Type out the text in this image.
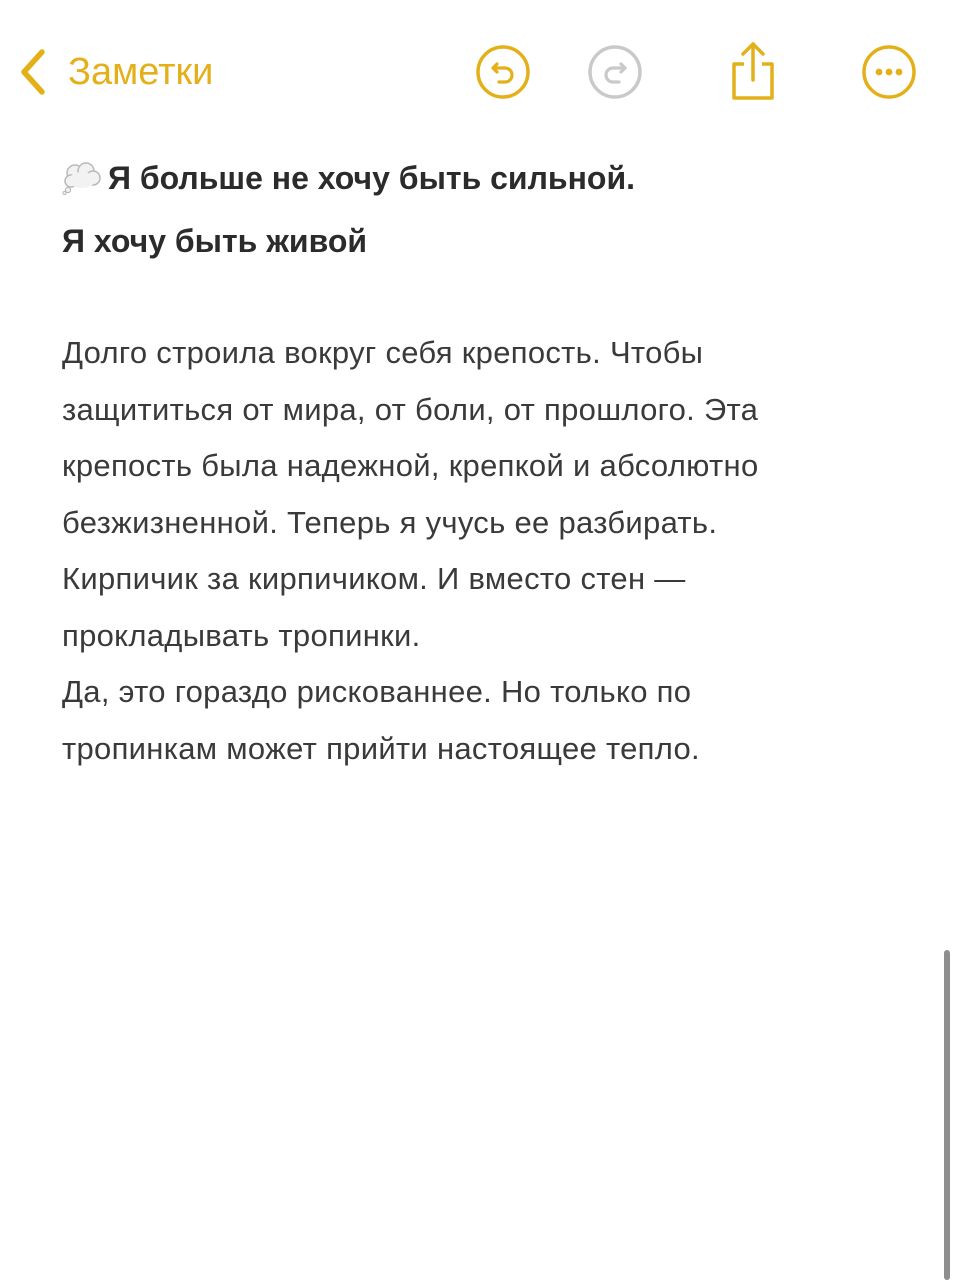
Заметки
Я больше не хочу быть сильной.
Я хочу быть живой
Долго строила вокруг себя крепость. Чтобы
защититься от мира, от боли, от прошлого. Эта
крепость была надежной, крепкой и абсолютно
безжизненной. Теперь я учусь ее разбирать.
Кирпичик за кирпичиком. И вместо стен —
прокладывать тропинки.
Да, это гораздо рискованнее. Но только по
тропинкам может прийти настоящее тепло.
